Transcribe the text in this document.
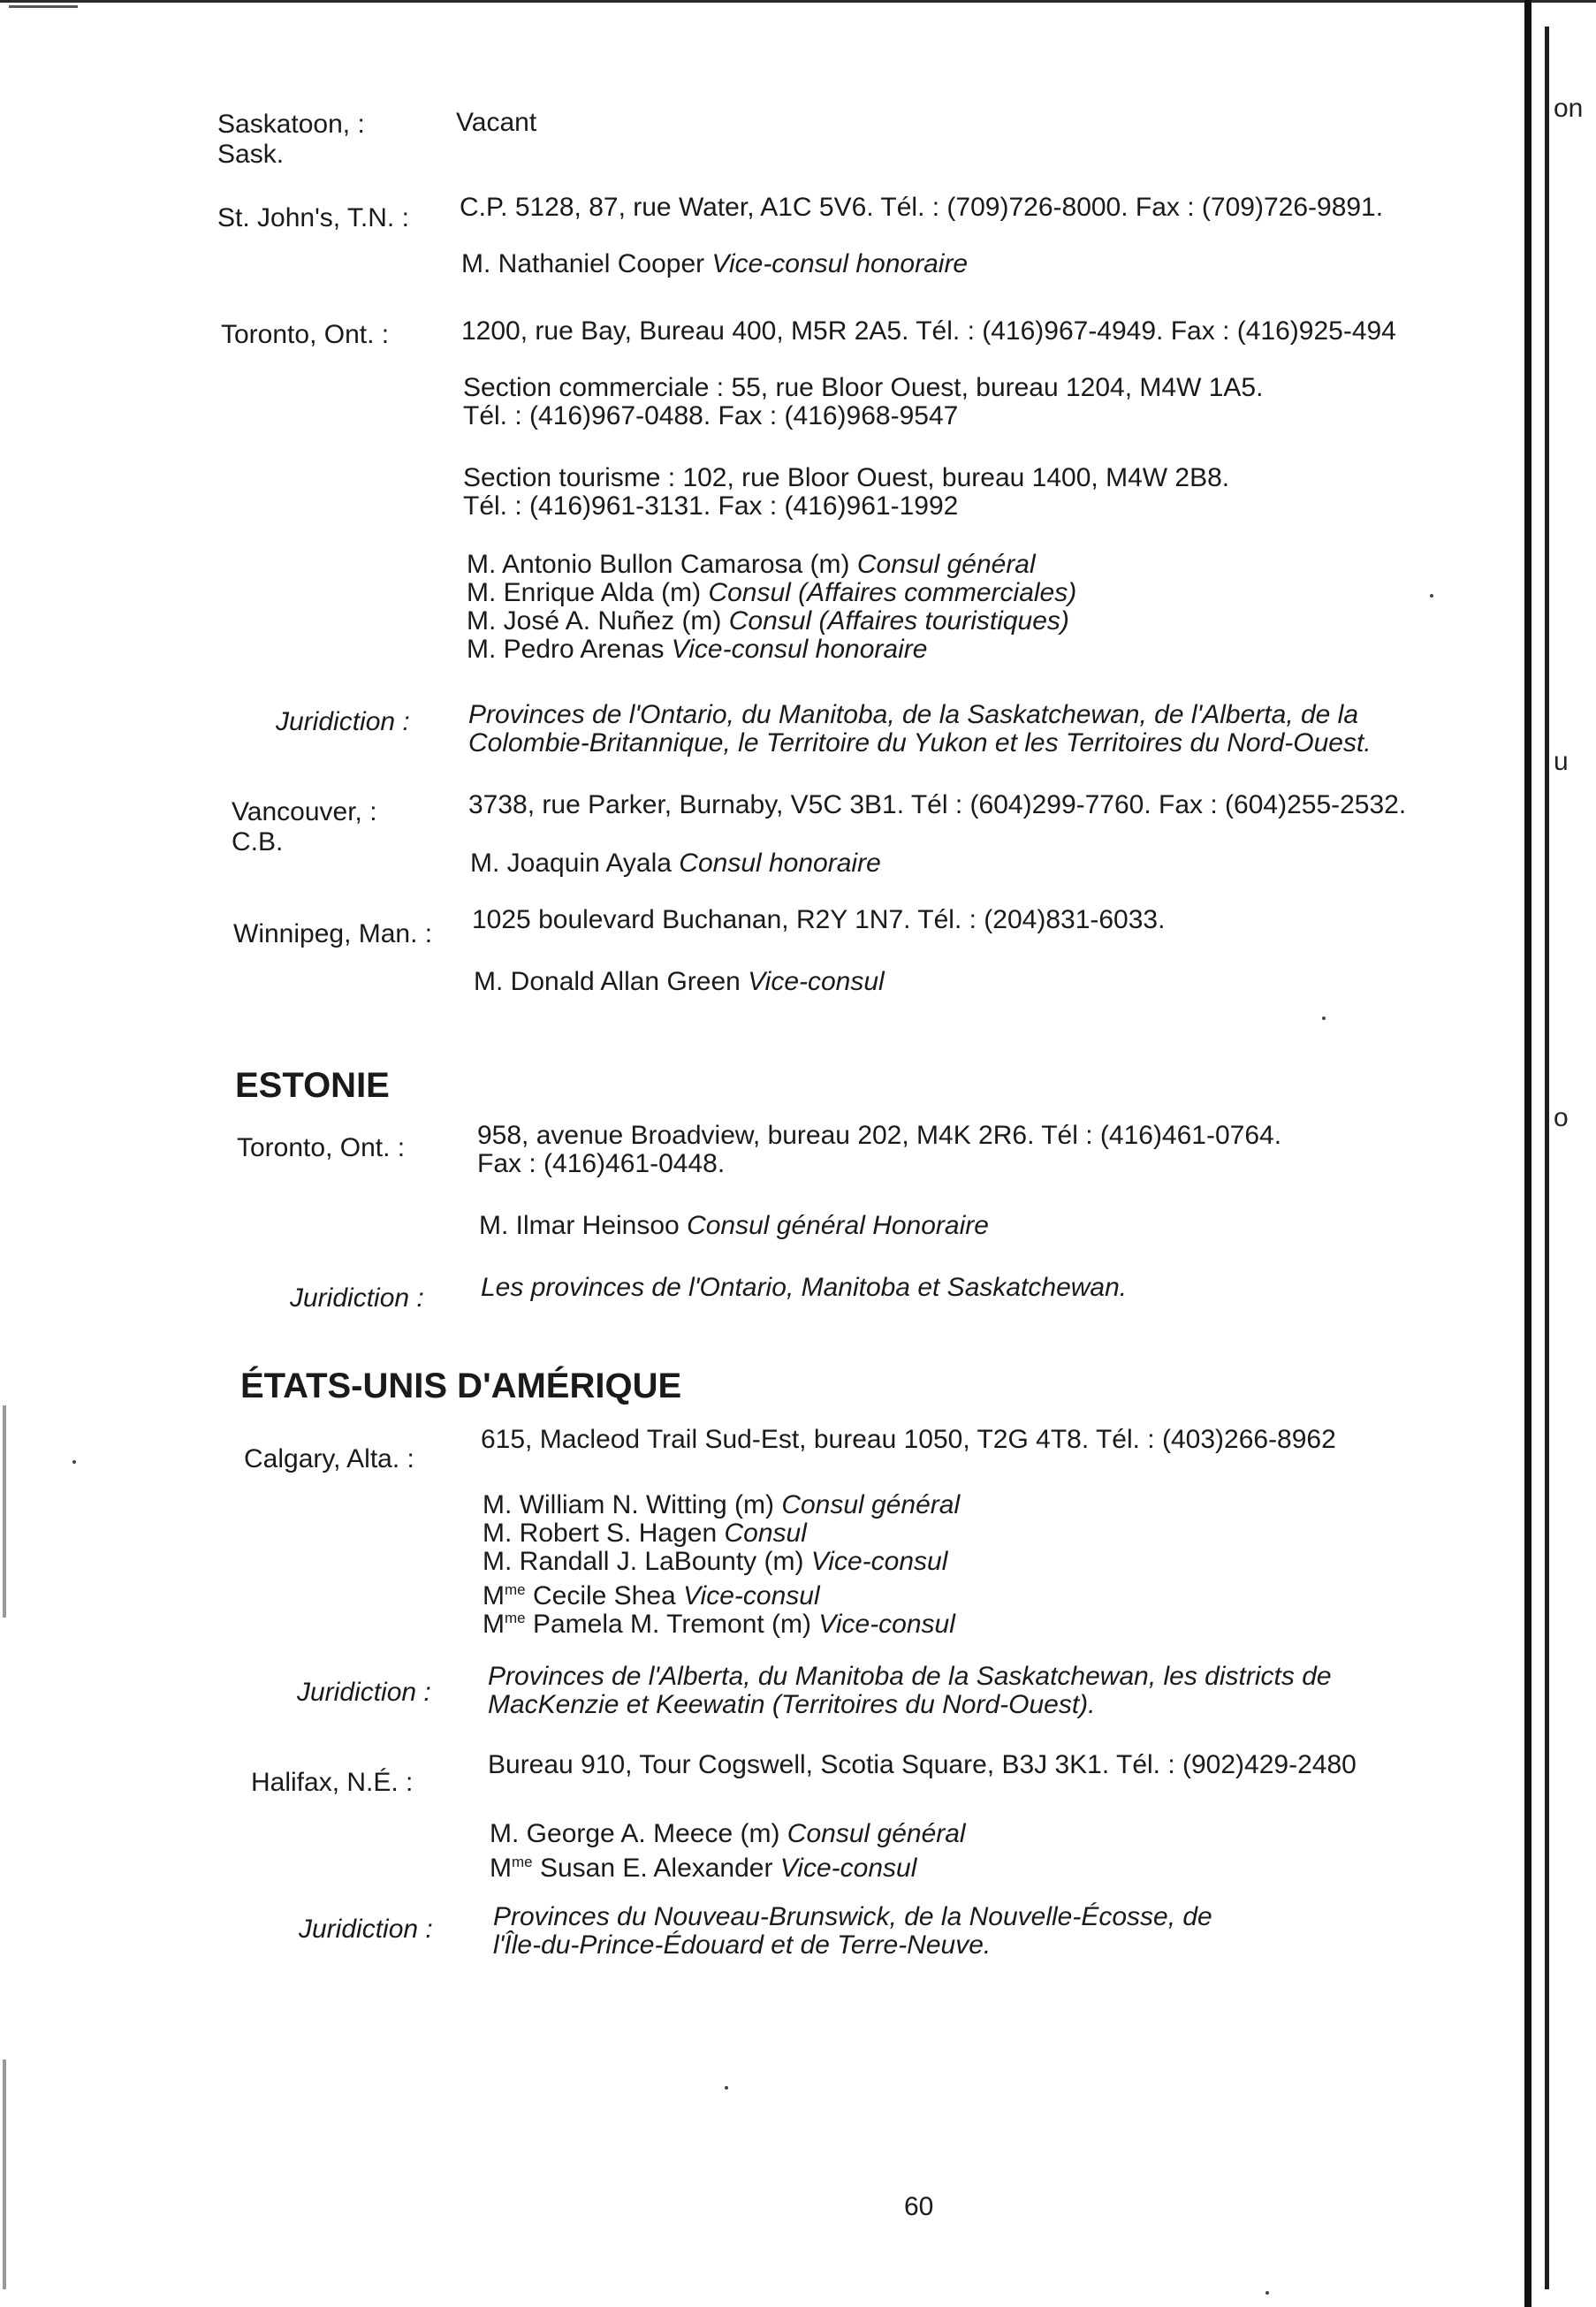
on
u
o
Saskatoon, :
Sask.
Vacant
St. John's, T.N. : C.P. 5128, 87, rue Water, A1C 5V6. Tél. : (709)726-8000. Fax : (709)726-9891.
M. Nathaniel Cooper Vice-consul honoraire
Toronto, Ont. :	1200, rue Bay, Bureau 400, M5R 2A5. Tél. : (416)967-4949. Fax : (416)925-494
Section commerciale : 55, rue Bloor Ouest, bureau 1204, M4W 1A5.
Tél. : (416)967-0488. Fax : (416)968-9547
Section tourisme : 102, rue Bloor Ouest, bureau 1400, M4W 2B8.
Tél. : (416)961-3131. Fax : (416)961-1992
M. Antonio Bullon Camarosa (m) Consul général
M. Enrique Alda (m) Consul (Affaires commerciales)
M. José A. Nuñez (m) Consul (Affaires touristiques)
M. Pedro Arenas Vice-consul honoraire
Juridiction : Provinces de l'Ontario, du Manitoba, de la Saskatchewan, de l'Alberta, de la
Colombie-Britannique, le Territoire du Yukon et les Territoires du Nord-Ouest.
Vancouver, :
C.B.
3738, rue Parker, Burnaby, V5C 3B1. Tél : (604)299-7760. Fax : (604)255-2532.
M. Joaquin Ayala Consul honoraire
Winnipeg, Man. : 1025 boulevard Buchanan, R2Y 1N7. Tél. : (204)831-6033.
M. Donald Allan Green Vice-consul
ESTONIE
Toronto, Ont. :	958, avenue Broadview, bureau 202, M4K 2R6. Tél : (416)461-0764.
Fax : (416)461-0448.
M. Ilmar Heinsoo Consul général Honoraire
Juridiction : Les provinces de l'Ontario, Manitoba et Saskatchewan.
ÉTATS-UNIS D'AMÉRIQUE
Calgary, Alta. :
615, Macleod Trail Sud-Est, bureau 1050, T2G 4T8. Tél. : (403)266-8962
M. William N. Witting (m) Consul général
M. Robert S. Hagen Consul
M. Randall J. LaBounty (m) Vice-consul
$M^{me}$ Cecile Shea Vice-consul
$M^{me}$ Pamela M. Tremont (m) Vice-consul
Juridiction :
Provinces de l'Alberta, du Manitoba de la Saskatchewan, les districts de
MacKenzie et Keewatin (Territoires du Nord-Ouest).
Halifax, N.É. :
Bureau 910, Tour Cogswell, Scotia Square, B3J 3K1. Tél. : (902)429-2480
M. George A. Meece (m) Consul général
$M^{me}$ Susan E. Alexander Vice-consul
Juridiction : Provinces du Nouveau-Brunswick, de la Nouvelle-Écosse, de
l'Île-du-Prince-Édouard et de Terre-Neuve.
60
